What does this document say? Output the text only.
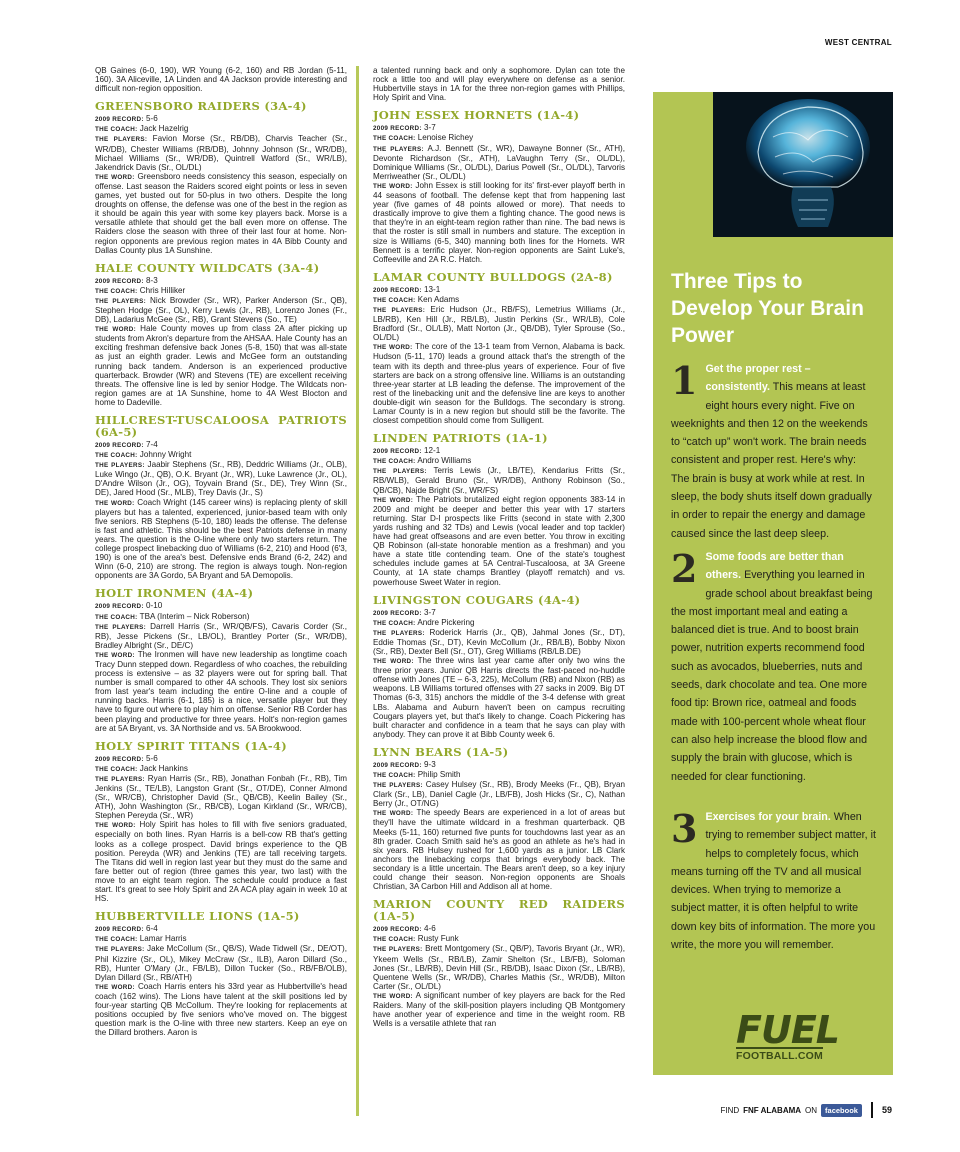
WEST CENTRAL

QB Gaines (6-0, 190), WR Young (6-2, 160) and RB Jordan (5-11, 160). 3A Aliceville, 1A Linden and 4A Jackson provide interesting and difficult non-region opposition.

GREENSBORO RAIDERS (3A-4)

2009 RECORD: 5-6

THE COACH: Jack Hazelrig

THE PLAYERS: Favion Morse (Sr., RB/DB), Charvis Teacher (Sr., WR/DB), Chester Williams (RB/DB), Johnny Johnson (Sr., WR/DB), Michael Williams (Sr., WR/DB), Quintrell Watford (Sr., WR/LB), Jakendrick Davis (Sr., OL/DL)

THE WORD: Greensboro needs consistency this season, especially on offense. Last season the Raiders scored eight points or less in seven games, yet busted out for 50-plus in two others. Despite the long droughts on offense, the defense was one of the best in the region as it should be again this year with some key players back. Morse is a versatile athlete that should get the ball even more on offense. The Raiders close the season with three of their last four at home. Non-region opponents are previous region mates in 4A Bibb County and Dallas County plus 1A Sunshine.

HALE COUNTY WILDCATS (3A-4)

2009 RECORD: 8-3

THE COACH: Chris Hilliker

THE PLAYERS: Nick Browder (Sr., WR), Parker Anderson (Sr., QB), Stephen Hodge (Sr., OL), Kerry Lewis (Jr., RB), Lorenzo Jones (Fr., DB), Ladarius McGee (Sr., RB), Grant Stevens (So., TE)

THE WORD: Hale County moves up from class 2A after picking up students from Akron's departure from the AHSAA. Hale County has an exciting freshman defensive back Jones (5-8, 150) that was all-state as just an eighth grader. Lewis and McGee form an outstanding running back tandem. Anderson is an experienced productive quarterback. Browder (WR) and Stevens (TE) are excellent receiving threats. The offensive line is led by senior Hodge. The Wildcats non-region games are at 1A Sunshine, home to 4A West Blocton and home to Dadeville.

HILLCREST-TUSCALOOSA PATRIOTS (6A-5)

2009 RECORD: 7-4

THE COACH: Johnny Wright

THE PLAYERS: Jaabir Stephens (Sr., RB), Deddric Williams (Jr., OLB), Luke Wingo (Jr., QB), O.K. Bryant (Jr., WR), Luke Lawrence (Jr., OL), D'Andre Wilson (Jr., OG), Toyvain Brand (Sr., DE), Trey Winn (Sr., DE), Jared Hood (Sr., MLB), Trey Davis (Jr., S)

THE WORD: Coach Wright (145 career wins) is replacing plenty of skill players but has a talented, experienced, junior-based team with only five seniors. RB Stephens (5-10, 180) leads the offense. The defense is fast and athletic. This should be the best Patriots defense in many years. The question is the O-line where only two starters return. The college prospect linebacking duo of Williams (6-2, 210) and Hood (6'3, 190) is one of the area's best. Defensive ends Brand (6-2, 242) and Winn (6-0, 210) are strong. The region is always tough. Non-region opponents are 3A Gordo, 5A Bryant and 5A Demopolis.

HOLT IRONMEN (4A-4)

2009 RECORD: 0-10

THE COACH: TBA (Interim – Nick Roberson)

THE PLAYERS: Darrell Harris (Sr., WR/QB/FS), Cavaris Corder (Sr., RB), Jesse Pickens (Sr., LB/OL), Brantley Porter (Sr., WR/DB), Bradley Albright (Sr., DE/C)

THE WORD: The Ironmen will have new leadership as longtime coach Tracy Dunn stepped down. Regardless of who coaches, the rebuilding process is extensive – as 32 players were out for spring ball. That number is small compared to other 4A schools. They lost six seniors from last year's team including the entire O-line and a couple of running backs. Harris (6-1, 185) is a nice, versatile player but they have to figure out where to play him on offense. Senior RB Corder has been playing and productive for three years. Holt's non-region games are at 5A Bryant, vs. 3A Northside and vs. 5A Brookwood.

HOLY SPIRIT TITANS (1A-4)

2009 RECORD: 5-6

THE COACH: Jack Hankins

THE PLAYERS: Ryan Harris (Sr., RB), Jonathan Fonbah (Fr., RB), Tim Jenkins (Sr., TE/LB), Langston Grant (Sr., OT/DE), Conner Almond (Sr., WR/CB), Christopher David (Sr., QB/CB), Keelin Bailey (Sr., ATH), John Washington (Sr., RB/CB), Logan Kirkland (Sr., WR/CB), Stephen Pereyda (Sr., WR)

THE WORD: Holy Spirit has holes to fill with five seniors graduated, especially on both lines. Ryan Harris is a bell-cow RB that's getting looks as a college prospect. David brings experience to the QB position. Pereyda (WR) and Jenkins (TE) are tall receiving targets. The Titans did well in region last year but they must do the same and fare better out of region (three games this year, two last) with the move to an eight team region. The schedule could produce a fast start. It's great to see Holy Spirit and 2A ACA play again in week 10 at HS.

HUBBERTVILLE LIONS (1A-5)

2009 RECORD: 6-4

THE COACH: Lamar Harris

THE PLAYERS: Jake McCollum (Sr., QB/S), Wade Tidwell (Sr., DE/OT), Phil Kizzire (Sr., OL), Mikey McCraw (Sr., ILB), Aaron Dillard (So., RB), Hunter O'Mary (Jr., FB/LB), Dillon Tucker (So., RB/FB/OLB), Dylan Dillard (Sr., RB/ATH)

THE WORD: Coach Harris enters his 33rd year as Hubbertville's head coach (162 wins). The Lions have talent at the skill positions led by four-year starting QB McCollum. They're looking for replacements at positions occupied by five seniors who've moved on. The biggest question mark is the O-line with three new starters. Keep an eye on the Dillard brothers. Aaron is

a talented running back and only a sophomore. Dylan can tote the rock a little too and will play everywhere on defense as a senior. Hubbertville stays in 1A for the three non-region games with Phillips, Holy Spirit and Vina.

JOHN ESSEX HORNETS (1A-4)

2009 RECORD: 3-7

THE COACH: Lenoise Richey

THE PLAYERS: A.J. Bennett (Sr., WR), Dawayne Bonner (Sr., ATH), Devonte Richardson (Sr., ATH), LaVaughn Terry (Sr., OL/DL), Dominique Williams (Sr., OL/DL), Darius Powell (Sr., OL/DL), Tarvoris Merriweather (Sr., OL/DL)

THE WORD: John Essex is still looking for its' first-ever playoff berth in 44 seasons of football. The defense kept that from happening last year (five games of 48 points allowed or more). That needs to drastically improve to give them a fighting chance. The good news is that they're in an eight-team region rather than nine. The bad news is that the roster is still small in numbers and stature. The exception in size is Williams (6-5, 340) manning both lines for the Hornets. WR Bennett is a terrific player. Non-region opponents are Saint Luke's, Coffeeville and 2A R.C. Hatch.

LAMAR COUNTY BULLDOGS (2A-8)

2009 RECORD: 13-1

THE COACH: Ken Adams

THE PLAYERS: Eric Hudson (Jr., RB/FS), Lemetrius Williams (Jr., LB/RB), Ken Hill (Jr., RB/LB), Justin Perkins (Sr., WR/LB), Cole Bradford (Sr., OL/LB), Matt Norton (Jr., QB/DB), Tyler Sprouse (So., OL/DL)

THE WORD: The core of the 13-1 team from Vernon, Alabama is back. Hudson (5-11, 170) leads a ground attack that's the strength of the team with its depth and three-plus years of experience. Four of five starters are back on a strong offensive line. Williams is an outstanding three-year starter at LB leading the defense. The improvement of the rest of the linebacking unit and the defensive line are keys to another double-digit win season for the Bulldogs. The secondary is strong. Lamar County is in a new region but should still be the favorite. The closest competition should come from Sulligent.

LINDEN PATRIOTS (1A-1)

2009 RECORD: 12-1

THE COACH: Andro Williams

THE PLAYERS: Terris Lewis (Jr., LB/TE), Kendarius Fritts (Sr., RB/WLB), Gerald Bruno (Sr., WR/DB), Anthony Robinson (So., QB/CB), Najde Bright (Sr., WR/FS)

THE WORD: The Patriots brutalized eight region opponents 383-14 in 2009 and might be deeper and better this year with 17 starters returning. Star D-I prospects like Fritts (second in state with 2,300 yards rushing and 32 TDs) and Lewis (vocal leader and top tackler) have had great offseasons and are even better. You throw in exciting QB Robinson (all-state honorable mention as a freshman) and you have a state title contending team. One of the state's toughest schedules include games at 5A Central-Tuscaloosa, at 3A Greene County, at 1A state champs Brantley (playoff rematch) and vs. powerhouse Sweet Water in region.

LIVINGSTON COUGARS (4A-4)

2009 RECORD: 3-7

THE COACH: Andre Pickering

THE PLAYERS: Roderick Harris (Jr., QB), Jahmal Jones (Sr., DT), Eddie Thomas (Sr., DT), Kevin McCollum (Jr., RB/LB), Bobby Nixon (Sr., RB), Dexter Bell (Sr., OT), Greg Williams (RB/LB.DE)

THE WORD: The three wins last year came after only two wins the three prior years. Junior QB Harris directs the fast-paced no-huddle offense with Jones (TE – 6-3, 225), McCollum (RB) and Nixon (RB) as weapons. LB Williams tortured offenses with 27 sacks in 2009. Big DT Thomas (6-3, 315) anchors the middle of the 3-4 defense with great LBs. Alabama and Auburn haven't been on campus recruiting Cougars players yet, but that's likely to change. Coach Pickering has built character and confidence in a team that he says can play with anybody. They can prove it at Bibb County week 6.

LYNN BEARS (1A-5)

2009 RECORD: 9-3

THE COACH: Philip Smith

THE PLAYERS: Casey Hulsey (Sr., RB), Brody Meeks (Fr., QB), Bryan Clark (Sr., LB), Daniel Cagle (Jr., LB/FB), Josh Hicks (Sr., C), Nathan Berry (Jr., OT/NG)

THE WORD: The speedy Bears are experienced in a lot of areas but they'll have the ultimate wildcard in a freshman quarterback. QB Meeks (5-11, 160) returned five punts for touchdowns last year as an 8th grader. Coach Smith said he's as good an athlete as he's had in six years. RB Hulsey rushed for 1,600 yards as a junior. LB Clark anchors the linebacking corps that brings everybody back. The secondary is a little uncertain. The Bears aren't deep, so a key injury could change their season. Non-region opponents are Shoals Christian, 3A Carbon Hill and Addison all at home.

MARION COUNTY RED RAIDERS (1A-5)

2009 RECORD: 4-6

THE COACH: Rusty Funk

THE PLAYERS: Brett Montgomery (Sr., QB/P), Tavoris Bryant (Jr., WR), Ykeem Wells (Sr., RB/LB), Zamir Shelton (Sr., LB/FB), Soloman Jones (Sr., LB/RB), Devin Hill (Sr., RB/DB), Isaac Dixon (Sr., LB/RB), Quentene Wells (Sr., WR/DB), Charles Mathis (Sr., WR/DB), Milton Carter (Sr., OL/DL)

THE WORD: A significant number of key players are back for the Red Raiders. Many of the skill-position players including QB Montgomery have another year of experience and time in the weight room. RB Wells is a versatile athlete that ran

Three Tips to Develop Your Brain Power
1 Get the proper rest – consistently. This means at least eight hours every night. Five on weeknights and then 12 on the weekends to “catch up” won't work. The brain needs consistent and proper rest. Here's why: The brain is busy at work while at rest. In sleep, the body shuts itself down gradually in order to repair the energy and damage caused since the last deep sleep.
2 Some foods are better than others. Everything you learned in grade school about breakfast being the most important meal and eating a balanced diet is true. And to boost brain power, nutrition experts recommend food such as avocados, blueberries, nuts and seeds, dark chocolate and tea. One more food tip: Brown rice, oatmeal and foods made with 100-percent whole wheat flour can also help increase the blood flow and supply the brain with glucose, which is needed for clear functioning.
3 Exercises for your brain. When trying to remember subject matter, it helps to completely focus, which means turning off the TV and all musical devices. When trying to memorize a subject matter, it is often helpful to write down key bits of information. The more you write, the more you will remember.
FUEL
FOOTBALL.COM
FIND FNF ALABAMA ON	facebook	59
